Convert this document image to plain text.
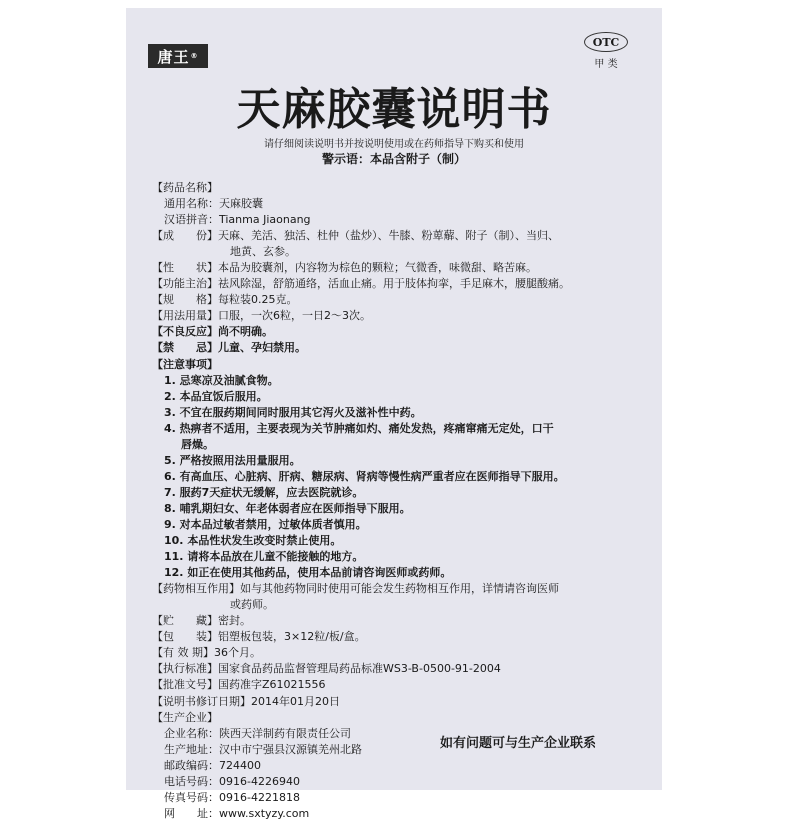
唐王 ®
OTC
甲 类
天麻胶囊说明书
请仔细阅读说明书并按说明使用或在药师指导下购买和使用
警示语：本品含附子（制）
【药品名称】
通用名称：天麻胶囊
汉语拼音：Tianma Jiaonang
【成　　份】天麻、羌活、独活、杜仲（盐炒）、牛膝、粉萆薢、附子（制）、当归、
地黄、玄参。
【性　　状】本品为胶囊剂，内容物为棕色的颗粒；气微香，味微甜、略苦麻。
【功能主治】祛风除湿，舒筋通络，活血止痛。用于肢体拘挛，手足麻木，腰腿酸痛。
【规　　格】每粒装0.25克。
【用法用量】口服，一次6粒，一日2～3次。
【不良反应】尚不明确。
【禁　　忌】儿童、孕妇禁用。
【注意事项】
1. 忌寒凉及油腻食物。
2. 本品宜饭后服用。
3. 不宜在服药期间同时服用其它泻火及滋补性中药。
4. 热痹者不适用，主要表现为关节肿痛如灼、痛处发热，疼痛窜痛无定处，口干
唇燥。
5. 严格按照用法用量服用。
6. 有高血压、心脏病、肝病、糖尿病、肾病等慢性病严重者应在医师指导下服用。
7. 服药7天症状无缓解，应去医院就诊。
8. 哺乳期妇女、年老体弱者应在医师指导下服用。
9. 对本品过敏者禁用，过敏体质者慎用。
10. 本品性状发生改变时禁止使用。
11. 请将本品放在儿童不能接触的地方。
12. 如正在使用其他药品，使用本品前请咨询医师或药师。
【药物相互作用】如与其他药物同时使用可能会发生药物相互作用，详情请咨询医师
或药师。
【贮　　藏】密封。
【包　　装】铝塑板包装，3×12粒/板/盒。
【有 效 期】36个月。
【执行标准】国家食品药品监督管理局药品标准WS3-B-0500-91-2004
【批准文号】国药准字Z61021556
【说明书修订日期】2014年01月20日
【生产企业】
企业名称：陕西天洋制药有限责任公司
生产地址：汉中市宁强县汉源镇羌州北路
邮政编码：724400
电话号码：0916-4226940
传真号码：0916-4221818
网　　址：www.sxtyzy.com
如有问题可与生产企业联系
